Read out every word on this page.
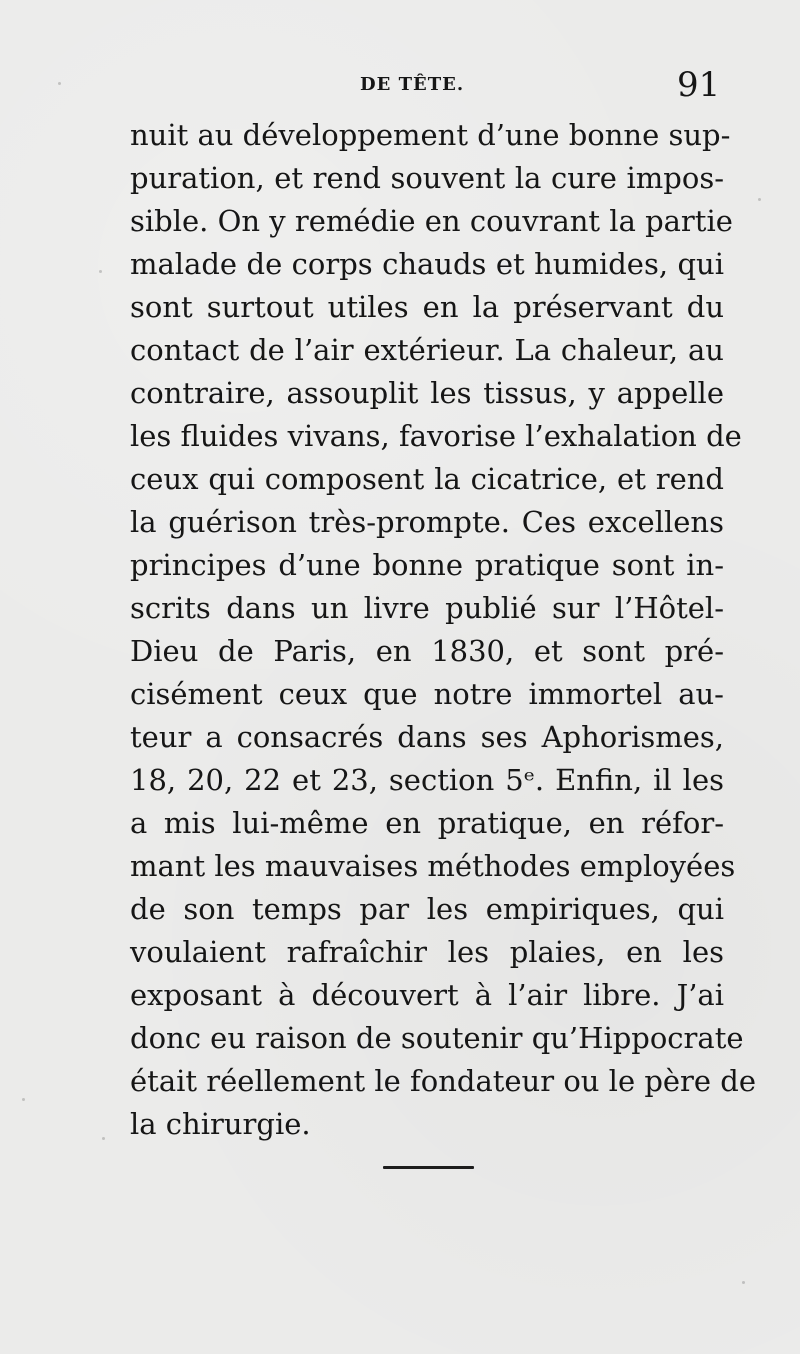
DE TÊTE.	91
nuit au développement d’une bonne sup-
puration, et rend souvent la cure impos-
sible. On y remédie en couvrant la partie
malade de corps chauds et humides, qui
sont surtout utiles en la préservant du
contact de l’air extérieur. La chaleur, au
contraire, assouplit les tissus, y appelle
les fluides vivans, favorise l’exhalation de
ceux qui composent la cicatrice, et rend
la guérison très-prompte. Ces excellens
principes d’une bonne pratique sont in-
scrits dans un livre publié sur l’Hôtel-
Dieu de Paris, en 1830, et sont pré-
cisément ceux que notre immortel au-
teur a consacrés dans ses Aphorismes,
18, 20, 22 et 23, section 5ᵉ. Enfin, il les
a mis lui-même en pratique, en réfor-
mant les mauvaises méthodes employées
de son temps par les empiriques, qui
voulaient rafraîchir les plaies, en les
exposant à découvert à l’air libre. J’ai
donc eu raison de soutenir qu’Hippocrate
était réellement le fondateur ou le père de
la chirurgie.
